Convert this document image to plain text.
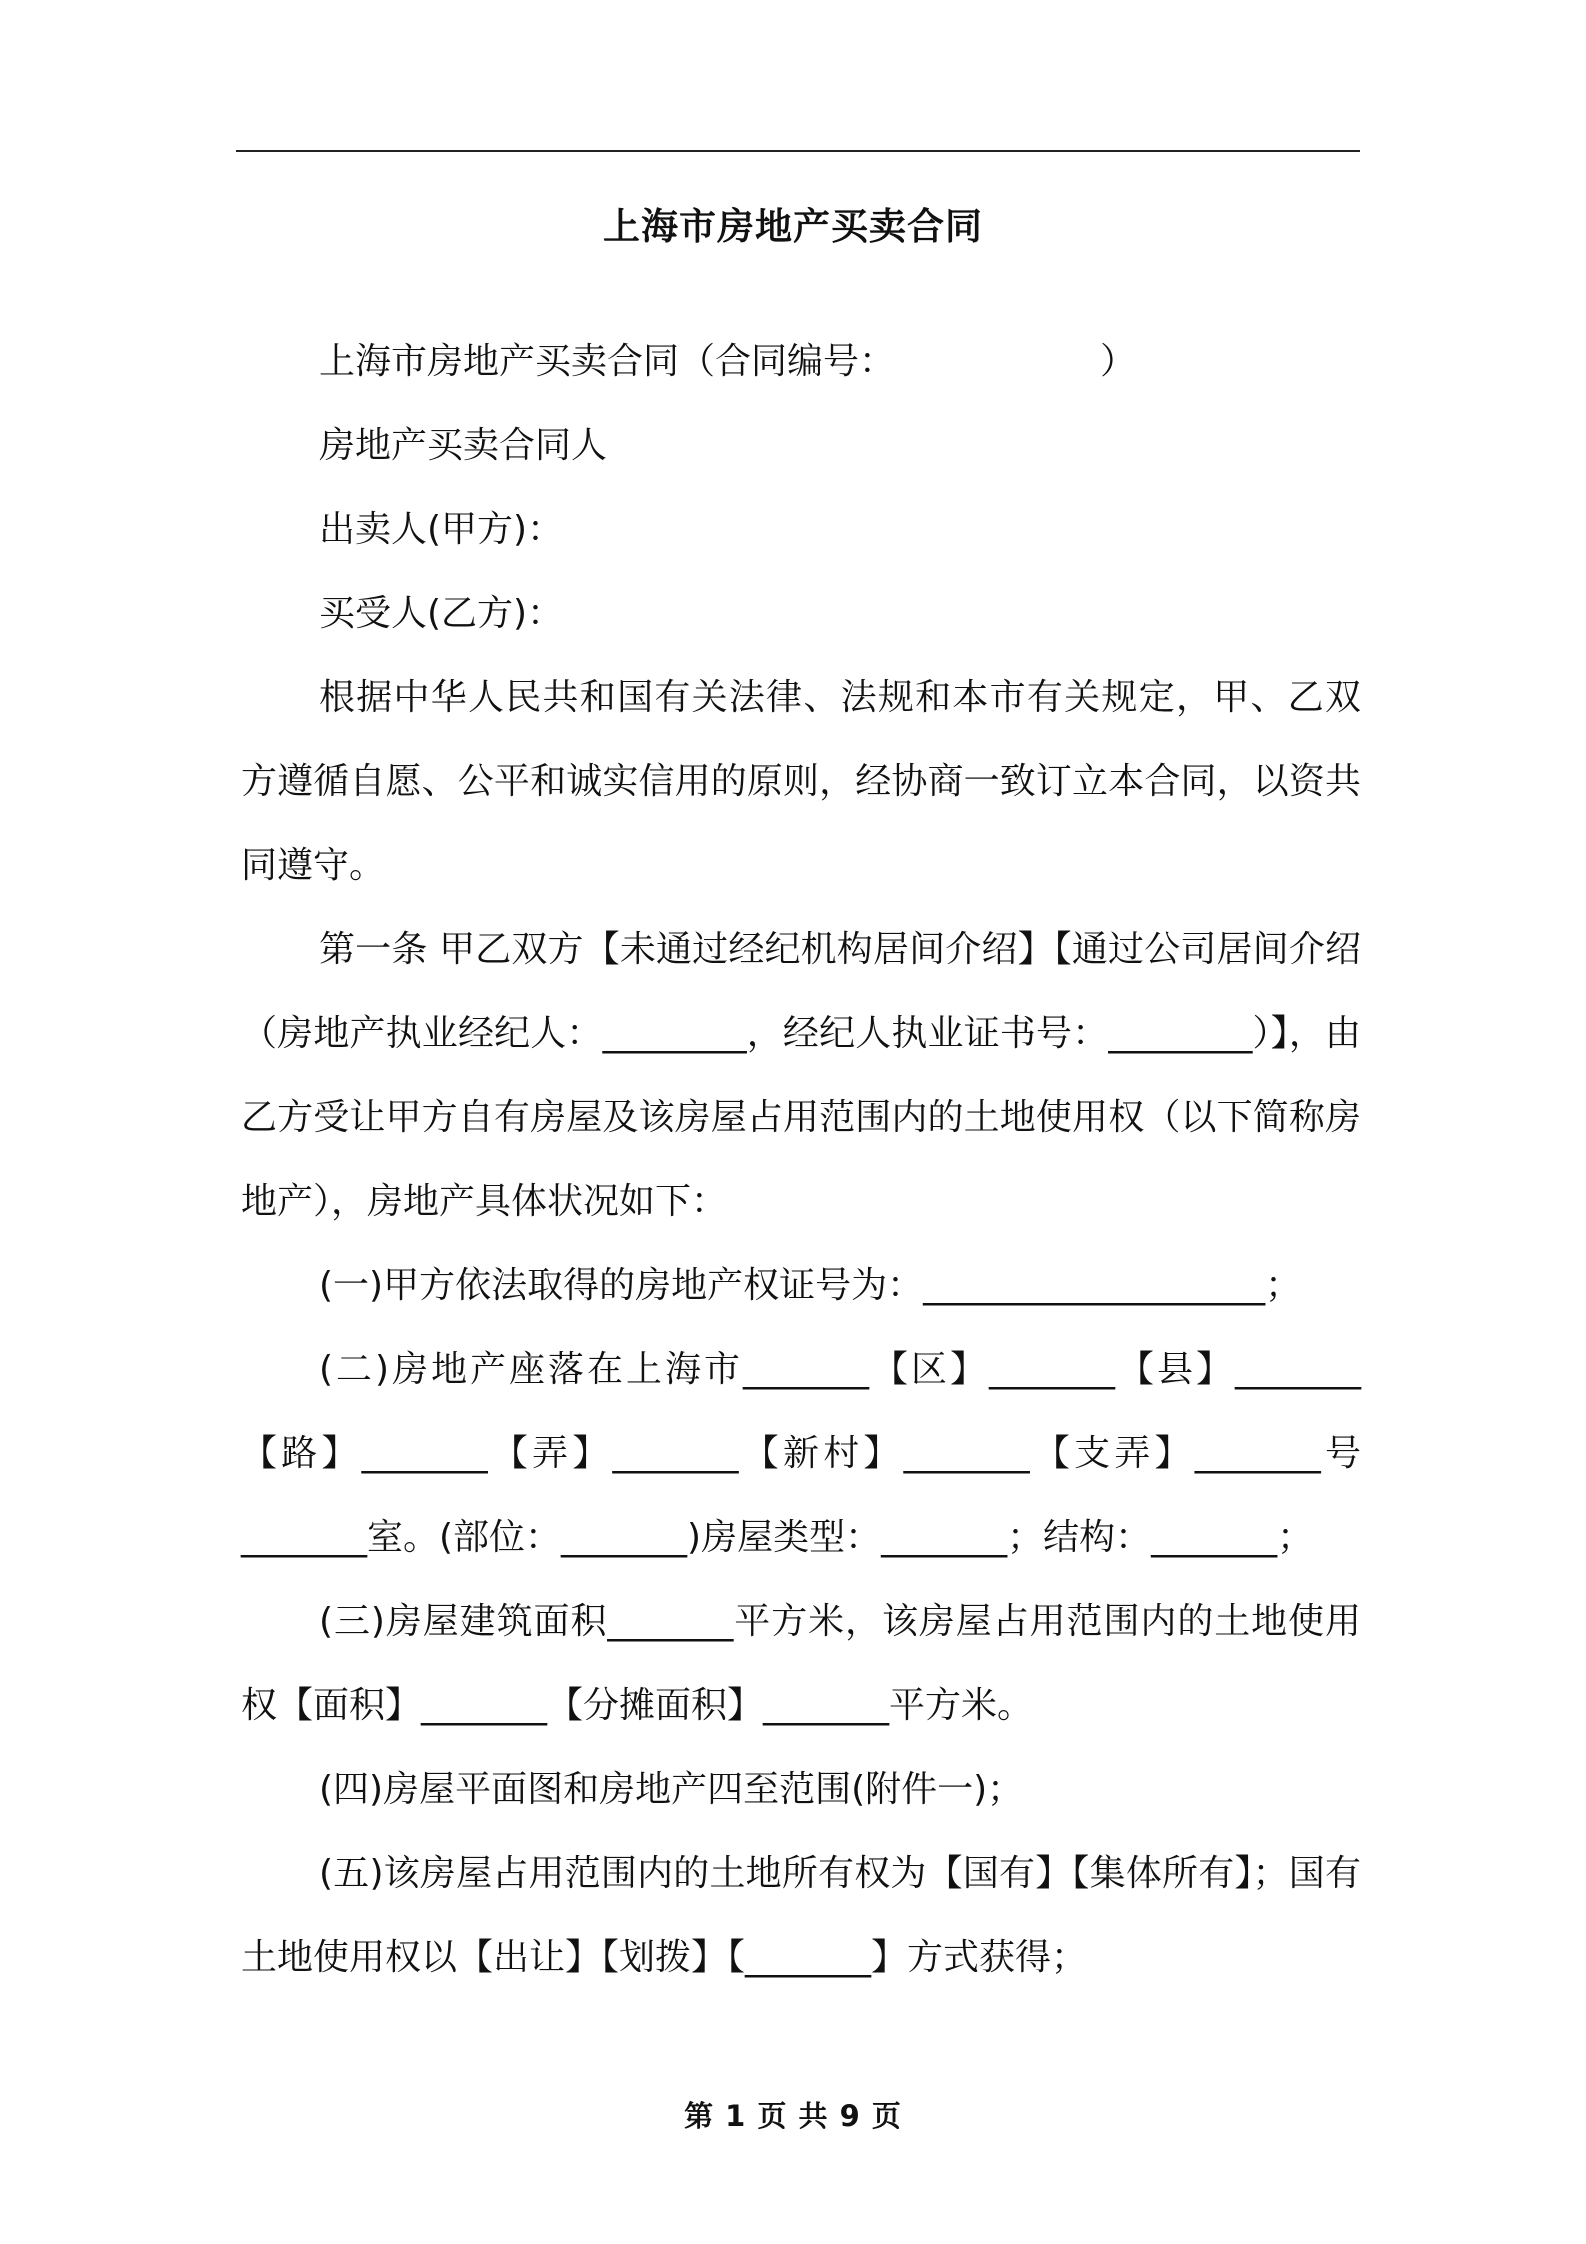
上海市房地产买卖合同

上海市房地产买卖合同（合同编号：	）

房地产买卖合同人

出卖人(甲方)：

买受人(乙方)：

根据中华人民共和国有关法律、法规和本市有关规定，甲、乙双方遵循自愿、公平和诚实信用的原则，经协商一致订立本合同，以资共同遵守。

第一条 甲乙双方【未通过经纪机构居间介绍】【通过公司居间介绍（房地产执业经纪人：________，经纪人执业证书号：________）】，由乙方受让甲方自有房屋及该房屋占用范围内的土地使用权（以下简称房地产），房地产具体状况如下：

(一)甲方依法取得的房地产权证号为：___________________；

(二)房地产座落在上海市_______【区】_______【县】_______【路】_______【弄】_______【新村】_______【支弄】_______号_______室。(部位：_______)房屋类型：_______；结构：_______；

(三)房屋建筑面积_______平方米，该房屋占用范围内的土地使用权【面积】_______【分摊面积】_______平方米。

(四)房屋平面图和房地产四至范围(附件一)；

(五)该房屋占用范围内的土地所有权为【国有】【集体所有】；国有土地使用权以【出让】【划拨】【_______】方式获得；

第 1 页 共 9 页
